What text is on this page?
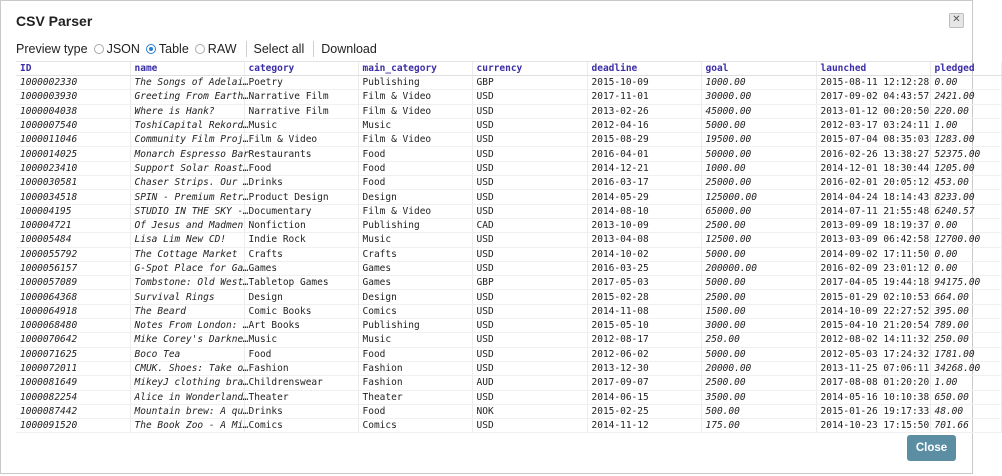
CSV Parser	✕
Preview type JSON Table RAW Select all Download
ID	name	category	main_category	currency	deadline	goal	launched	pledged
1000002330	The Songs of Adelai…	Poetry	Publishing	GBP	2015-10-09	1000.00	2015-08-11 12:12:28	0.00
1000003930	Greeting From Earth…	Narrative Film	Film & Video	USD	2017-11-01	30000.00	2017-09-02 04:43:57	2421.00
1000004038	Where is Hank?	Narrative Film	Film & Video	USD	2013-02-26	45000.00	2013-01-12 00:20:50	220.00
1000007540	ToshiCapital Rekord…	Music	Music	USD	2012-04-16	5000.00	2012-03-17 03:24:11	1.00
1000011046	Community Film Proj…	Film & Video	Film & Video	USD	2015-08-29	19500.00	2015-07-04 08:35:03	1283.00
1000014025	Monarch Espresso Bar	Restaurants	Food	USD	2016-04-01	50000.00	2016-02-26 13:38:27	52375.00
1000023410	Support Solar Roast…	Food	Food	USD	2014-12-21	1000.00	2014-12-01 18:30:44	1205.00
1000030581	Chaser Strips. Our …	Drinks	Food	USD	2016-03-17	25000.00	2016-02-01 20:05:12	453.00
1000034518	SPIN - Premium Retr…	Product Design	Design	USD	2014-05-29	125000.00	2014-04-24 18:14:43	8233.00
100004195	STUDIO IN THE SKY -…	Documentary	Film & Video	USD	2014-08-10	65000.00	2014-07-11 21:55:48	6240.57
100004721	Of Jesus and Madmen	Nonfiction	Publishing	CAD	2013-10-09	2500.00	2013-09-09 18:19:37	0.00
100005484	Lisa Lim New CD!	Indie Rock	Music	USD	2013-04-08	12500.00	2013-03-09 06:42:58	12700.00
1000055792	The Cottage Market	Crafts	Crafts	USD	2014-10-02	5000.00	2014-09-02 17:11:50	0.00
1000056157	G-Spot Place for Ga…	Games	Games	USD	2016-03-25	200000.00	2016-02-09 23:01:12	0.00
1000057089	Tombstone: Old West…	Tabletop Games	Games	GBP	2017-05-03	5000.00	2017-04-05 19:44:18	94175.00
1000064368	Survival Rings	Design	Design	USD	2015-02-28	2500.00	2015-01-29 02:10:53	664.00
1000064918	The Beard	Comic Books	Comics	USD	2014-11-08	1500.00	2014-10-09 22:27:52	395.00
1000068480	Notes From London: …	Art Books	Publishing	USD	2015-05-10	3000.00	2015-04-10 21:20:54	789.00
1000070642	Mike Corey's Darkne…	Music	Music	USD	2012-08-17	250.00	2012-08-02 14:11:32	250.00
1000071625	Boco Tea	Food	Food	USD	2012-06-02	5000.00	2012-05-03 17:24:32	1781.00
1000072011	CMUK. Shoes: Take o…	Fashion	Fashion	USD	2013-12-30	20000.00	2013-11-25 07:06:11	34268.00
1000081649	MikeyJ clothing bra…	Childrenswear	Fashion	AUD	2017-09-07	2500.00	2017-08-08 01:20:20	1.00
1000082254	Alice in Wonderland…	Theater	Theater	USD	2014-06-15	3500.00	2014-05-16 10:10:38	650.00
1000087442	Mountain brew: A qu…	Drinks	Food	NOK	2015-02-25	500.00	2015-01-26 19:17:33	48.00
1000091520	The Book Zoo - A Mi…	Comics	Comics	USD	2014-11-12	175.00	2014-10-23 17:15:50	701.66
Close
